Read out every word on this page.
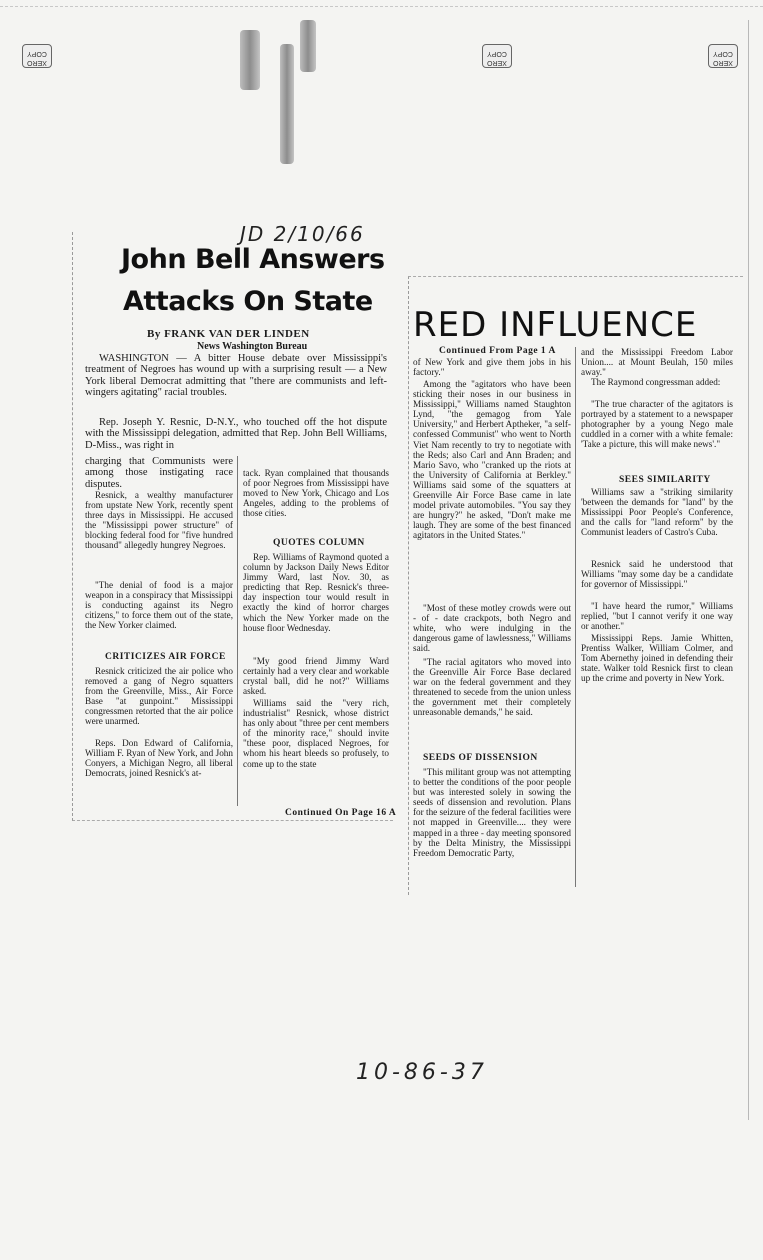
XERO
COPY
XERO
COPY
XERO
COPY
JD 2/10/66
John Bell Answers
Attacks On State
By FRANK VAN DER LINDEN
News Washington Bureau

WASHINGTON — A bitter House debate over Mississippi's treatment of Negroes has wound up with a surprising result — a New York liberal Democrat admitting that "there are communists and left-wingers agitating" racial troubles.

Rep. Joseph Y. Resnic, D-N.Y., who touched off the hot dispute with the Mississippi delegation, admitted that Rep. John Bell Williams, D-Miss., was right in

charging that Communists were among those instigating race disputes.

Resnick, a wealthy manufacturer from upstate New York, recently spent three days in Mississippi. He accused the "Mississippi power structure" of blocking federal food for "five hundred thousand" allegedly hungrey Negroes.

"The denial of food is a major weapon in a conspiracy that Mississippi is conducting against its Negro citizens," to force them out of the state, the New Yorker claimed.

CRITICIZES AIR FORCE

Resnick criticized the air police who removed a gang of Negro squatters from the Greenville, Miss., Air Force Base "at gunpoint." Mississippi congressmen retorted that the air police were unarmed.

Reps. Don Edward of California, William F. Ryan of New York, and John Conyers, a Michigan Negro, all liberal Democrats, joined Resnick's at-

tack. Ryan complained that thousands of poor Negroes from Mississippi have moved to New York, Chicago and Los Angeles, adding to the problems of those cities.

QUOTES COLUMN

Rep. Williams of Raymond quoted a column by Jackson Daily News Editor Jimmy Ward, last Nov. 30, as predicting that Rep. Resnick's three-day inspection tour would result in exactly the kind of horror charges which the New Yorker made on the house floor Wednesday.

"My good friend Jimmy Ward certainly had a very clear and workable crystal ball, did he not?" Williams asked.

Williams said the "very rich, industrialist" Resnick, whose district has only about "three per cent members of the minority race," should invite "these poor, displaced Negroes, for whom his heart bleeds so profusely, to come up to the state

Continued On Page 16 A
RED INFLUENCE
Continued From Page 1 A

of New York and give them jobs in his factory."

Among the "agitators who have been sticking their noses in our business in Mississippi," Williams named Staughton Lynd, "the gemagog from Yale University," and Herbert Aptheker, "a self-confessed Communist" who went to North Viet Nam recently to try to negotiate with the Reds; also Carl and Ann Braden; and Mario Savo, who "cranked up the riots at the University of California at Berkley." Williams said some of the squatters at Greenville Air Force Base came in late model private automobiles. "You say they are hungry?" he asked, "Don't make me laugh. They are some of the best financed agitators in the United States."

"Most of these motley crowds were out - of - date crackpots, both Negro and white, who were indulging in the dangerous game of lawlessness," Williams said.

"The racial agitators who moved into the Greenville Air Force Base declared war on the federal government and they threatened to secede from the union unless the government met their completely unreasonable demands," he said.

SEEDS OF DISSENSION

"This militant group was not attempting to better the conditions of the poor people but was interested solely in sowing the seeds of dissension and revolution. Plans for the seizure of the federal facilities were not mapped in Greenville.... they were mapped in a three - day meeting sponsored by the Delta Ministry, the Mississippi Freedom Democratic Party,

and the Mississippi Freedom Labor Union.... at Mount Beulah, 150 miles away."

The Raymond congressman added:

"The true character of the agitators is portrayed by a statement to a newspaper photographer by a young Nego male cuddled in a corner with a white female: 'Take a picture, this will make news'."

SEES SIMILARITY

Williams saw a "striking similarity 'between the demands for "land" by the Mississippi Poor People's Conference, and the calls for "land reform" by the Communist leaders of Castro's Cuba.

Resnick said he understood that Williams "may some day be a candidate for governor of Mississippi."

"I have heard the rumor," Williams replied, "but I cannot verify it one way or another."

Mississippi Reps. Jamie Whitten, Prentiss Walker, William Colmer, and Tom Abernethy joined in defending their state. Walker told Resnick first to clean up the crime and poverty in New York.

10-86-37
